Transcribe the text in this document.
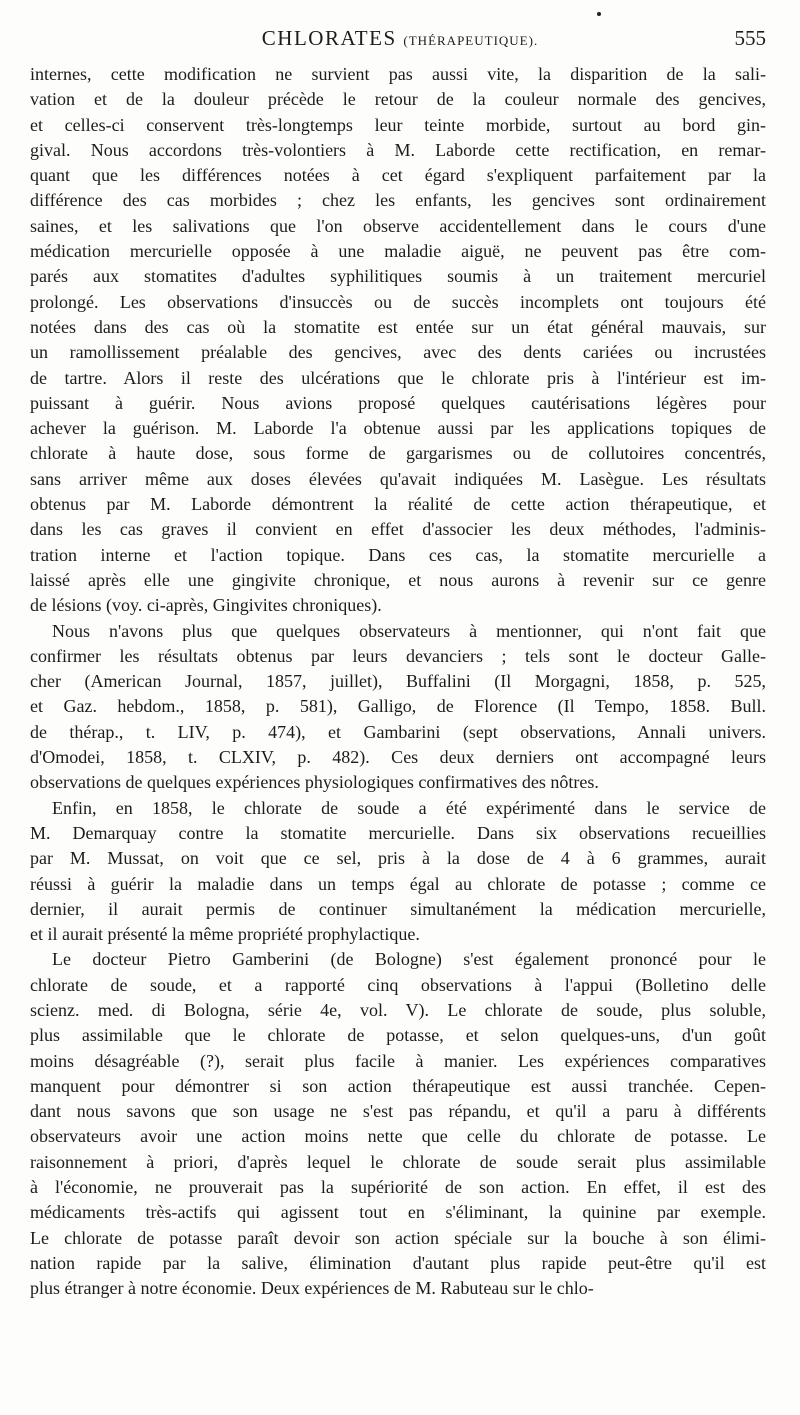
CHLORATES (THÉRAPEUTIQUE).	555
internes, cette modification ne survient pas aussi vite, la disparition de la sali-
vation et de la douleur précède le retour de la couleur normale des gencives,
et celles-ci conservent très-longtemps leur teinte morbide, surtout au bord gin-
gival. Nous accordons très-volontiers à M. Laborde cette rectification, en remar-
quant que les différences notées à cet égard s'expliquent parfaitement par la
différence des cas morbides ; chez les enfants, les gencives sont ordinairement
saines, et les salivations que l'on observe accidentellement dans le cours d'une
médication mercurielle opposée à une maladie aiguë, ne peuvent pas être com-
parés aux stomatites d'adultes syphilitiques soumis à un traitement mercuriel
prolongé. Les observations d'insuccès ou de succès incomplets ont toujours été
notées dans des cas où la stomatite est entée sur un état général mauvais, sur
un ramollissement préalable des gencives, avec des dents cariées ou incrustées
de tartre. Alors il reste des ulcérations que le chlorate pris à l'intérieur est im-
puissant à guérir. Nous avions proposé quelques cautérisations légères pour
achever la guérison. M. Laborde l'a obtenue aussi par les applications topiques de
chlorate à haute dose, sous forme de gargarismes ou de collutoires concentrés,
sans arriver même aux doses élevées qu'avait indiquées M. Lasègue. Les résultats
obtenus par M. Laborde démontrent la réalité de cette action thérapeutique, et
dans les cas graves il convient en effet d'associer les deux méthodes, l'adminis-
tration interne et l'action topique. Dans ces cas, la stomatite mercurielle a
laissé après elle une gingivite chronique, et nous aurons à revenir sur ce genre
de lésions (voy. ci-après, Gingivites chroniques).
Nous n'avons plus que quelques observateurs à mentionner, qui n'ont fait que
confirmer les résultats obtenus par leurs devanciers ; tels sont le docteur Galle-
cher (American Journal, 1857, juillet), Buffalini (Il Morgagni, 1858, p. 525,
et Gaz. hebdom., 1858, p. 581), Galligo, de Florence (Il Tempo, 1858. Bull.
de thérap., t. LIV, p. 474), et Gambarini (sept observations, Annali univers.
d'Omodei, 1858, t. CLXIV, p. 482). Ces deux derniers ont accompagné leurs
observations de quelques expériences physiologiques confirmatives des nôtres.
Enfin, en 1858, le chlorate de soude a été expérimenté dans le service de
M. Demarquay contre la stomatite mercurielle. Dans six observations recueillies
par M. Mussat, on voit que ce sel, pris à la dose de 4 à 6 grammes, aurait
réussi à guérir la maladie dans un temps égal au chlorate de potasse ; comme ce
dernier, il aurait permis de continuer simultanément la médication mercurielle,
et il aurait présenté la même propriété prophylactique.
Le docteur Pietro Gamberini (de Bologne) s'est également prononcé pour le
chlorate de soude, et a rapporté cinq observations à l'appui (Bolletino delle
scienz. med. di Bologna, série 4e, vol. V). Le chlorate de soude, plus soluble,
plus assimilable que le chlorate de potasse, et selon quelques-uns, d'un goût
moins désagréable (?), serait plus facile à manier. Les expériences comparatives
manquent pour démontrer si son action thérapeutique est aussi tranchée. Cepen-
dant nous savons que son usage ne s'est pas répandu, et qu'il a paru à différents
observateurs avoir une action moins nette que celle du chlorate de potasse. Le
raisonnement à priori, d'après lequel le chlorate de soude serait plus assimilable
à l'économie, ne prouverait pas la supériorité de son action. En effet, il est des
médicaments très-actifs qui agissent tout en s'éliminant, la quinine par exemple.
Le chlorate de potasse paraît devoir son action spéciale sur la bouche à son élimi-
nation rapide par la salive, élimination d'autant plus rapide peut-être qu'il est
plus étranger à notre économie. Deux expériences de M. Rabuteau sur le chlo-
